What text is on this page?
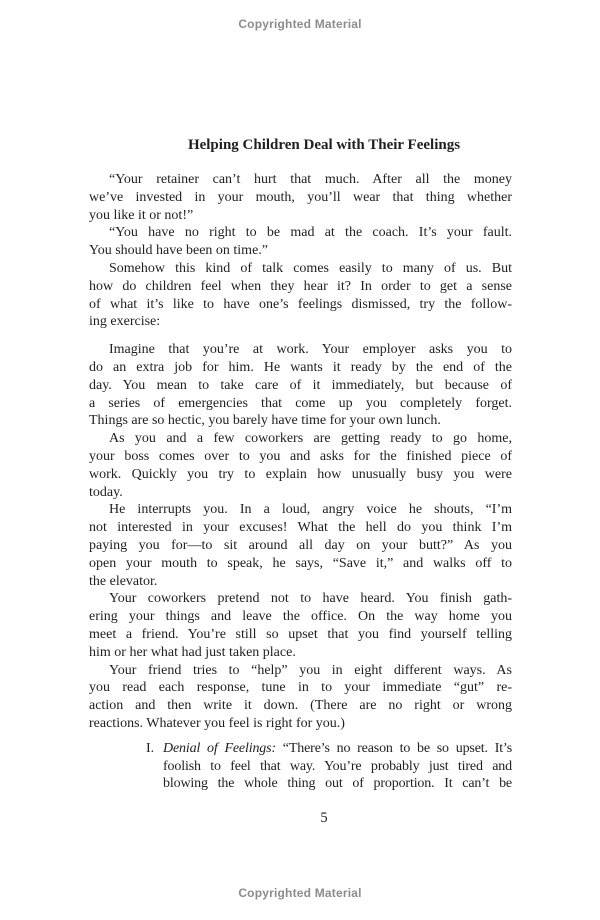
Copyrighted Material
Helping Children Deal with Their Feelings
“Your retainer can’t hurt that much. After all the money
we’ve invested in your mouth, you’ll wear that thing whether
you like it or not!”
“You have no right to be mad at the coach. It’s your fault.
You should have been on time.”
Somehow this kind of talk comes easily to many of us. But
how do children feel when they hear it? In order to get a sense
of what it’s like to have one’s feelings dismissed, try the follow-
ing exercise:
Imagine that you’re at work. Your employer asks you to
do an extra job for him. He wants it ready by the end of the
day. You mean to take care of it immediately, but because of
a series of emergencies that come up you completely forget.
Things are so hectic, you barely have time for your own lunch.
As you and a few coworkers are getting ready to go home,
your boss comes over to you and asks for the finished piece of
work. Quickly you try to explain how unusually busy you were
today.
He interrupts you. In a loud, angry voice he shouts, “I’m
not interested in your excuses! What the hell do you think I’m
paying you for—to sit around all day on your butt?” As you
open your mouth to speak, he says, “Save it,” and walks off to
the elevator.
Your coworkers pretend not to have heard. You finish gath-
ering your things and leave the office. On the way home you
meet a friend. You’re still so upset that you find yourself telling
him or her what had just taken place.
Your friend tries to “help” you in eight different ways. As
you read each response, tune in to your immediate “gut” re-
action and then write it down. (There are no right or wrong
reactions. Whatever you feel is right for you.)
I. Denial of Feelings: “There’s no reason to be so upset. It’s
foolish to feel that way. You’re probably just tired and
blowing the whole thing out of proportion. It can’t be
5
Copyrighted Material
